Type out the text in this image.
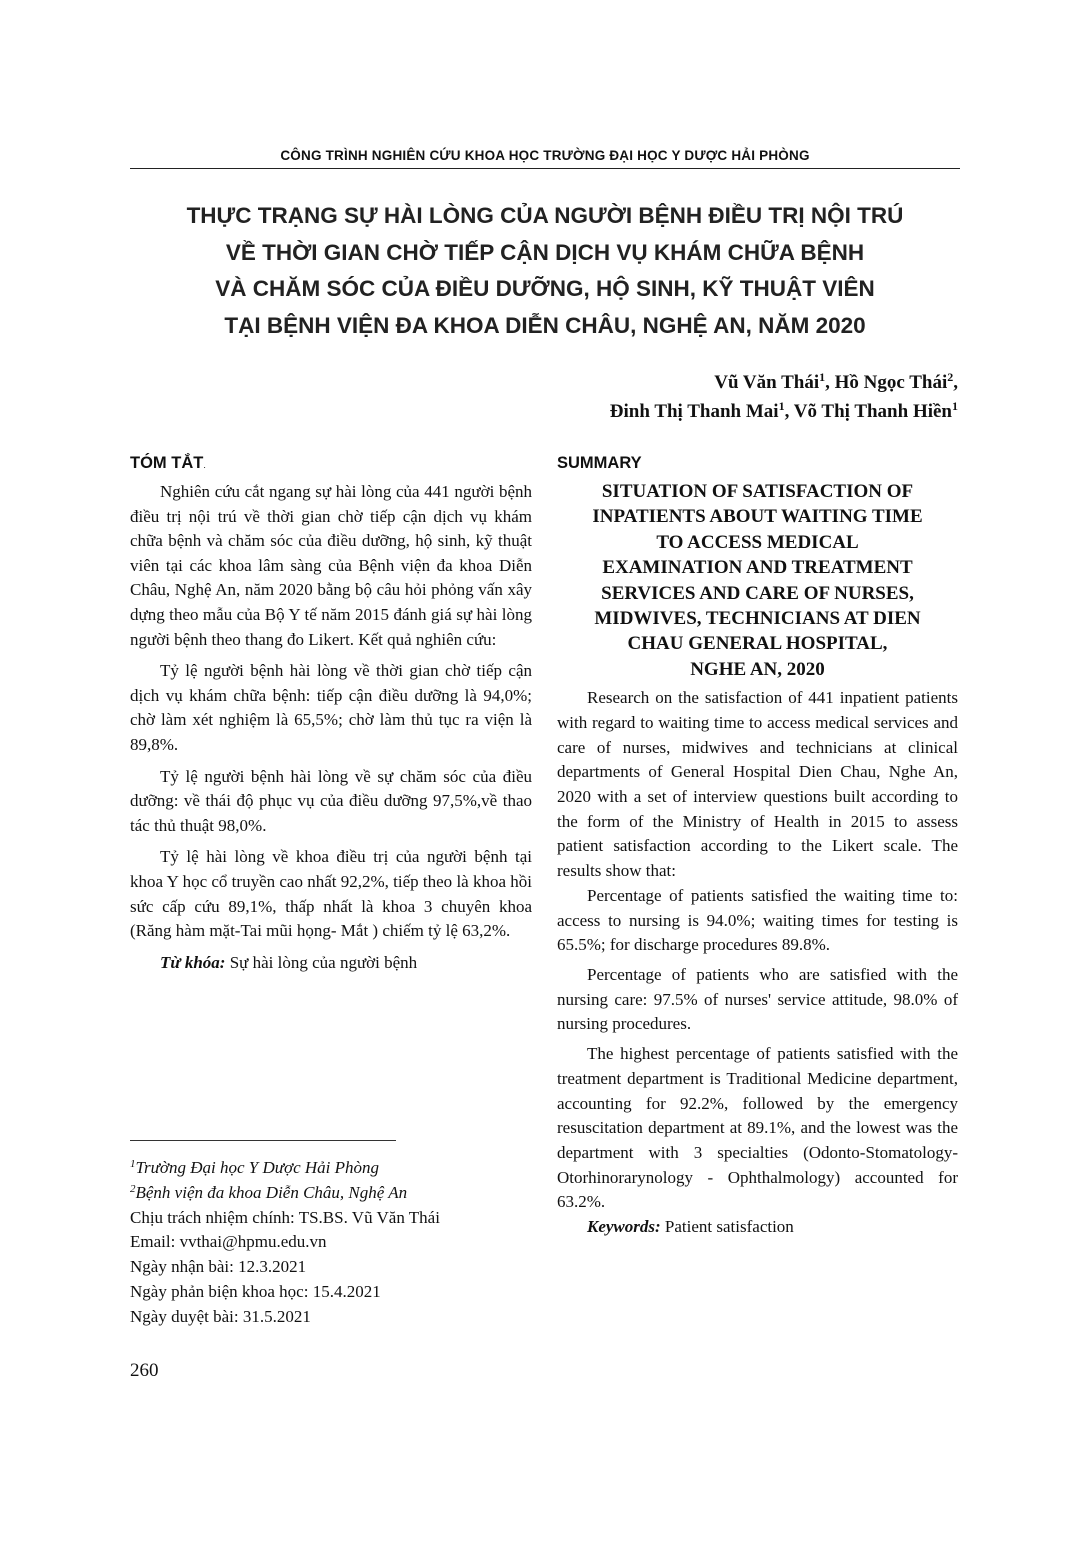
CÔNG TRÌNH NGHIÊN CỨU KHOA HỌC TRƯỜNG ĐẠI HỌC Y DƯỢC HẢI PHÒNG
THỰC TRẠNG SỰ HÀI LÒNG CỦA NGƯỜI BỆNH ĐIỀU TRỊ NỘI TRÚ
VỀ THỜI GIAN CHỜ TIẾP CẬN DỊCH VỤ KHÁM CHỮA BỆNH
VÀ CHĂM SÓC CỦA ĐIỀU DƯỠNG, HỘ SINH, KỸ THUẬT VIÊN
TẠI BỆNH VIỆN ĐA KHOA DIỄN CHÂU, NGHỆ AN, NĂM 2020
Vũ Văn Thái$^1$, Hồ Ngọc Thái$^2$,
Đinh Thị Thanh Mai$^1$, Võ Thị Thanh Hiền$^1$
TÓM TẮT.

Nghiên cứu cắt ngang sự hài lòng của 441 người bệnh điều trị nội trú về thời gian chờ tiếp cận dịch vụ khám chữa bệnh và chăm sóc của điều dưỡng, hộ sinh, kỹ thuật viên tại các khoa lâm sàng của Bệnh viện đa khoa Diễn Châu, Nghệ An, năm 2020 bằng bộ câu hỏi phỏng vấn xây dựng theo mẫu của Bộ Y tế năm 2015 đánh giá sự hài lòng người bệnh theo thang đo Likert. Kết quả nghiên cứu:

Tỷ lệ người bệnh hài lòng về thời gian chờ tiếp cận dịch vụ khám chữa bệnh: tiếp cận điều dưỡng là 94,0%; chờ làm xét nghiệm là 65,5%; chờ làm thủ tục ra viện là 89,8%.

Tỷ lệ người bệnh hài lòng về sự chăm sóc của điều dưỡng: về thái độ phục vụ của điều dưỡng 97,5%,về thao tác thủ thuật 98,0%.

Tỷ lệ hài lòng về khoa điều trị của người bệnh tại khoa Y học cổ truyền cao nhất 92,2%, tiếp theo là khoa hồi sức cấp cứu 89,1%, thấp nhất là khoa 3 chuyên khoa (Răng hàm mặt-Tai mũi họng- Mắt ) chiếm tỷ lệ 63,2%.

Từ khóa: Sự hài lòng của người bệnh

SUMMARY
SITUATION OF SATISFACTION OF
INPATIENTS ABOUT WAITING TIME
TO ACCESS MEDICAL
EXAMINATION AND TREATMENT
SERVICES AND CARE OF NURSES,
MIDWIVES, TECHNICIANS AT DIEN
CHAU GENERAL HOSPITAL,
NGHE AN, 2020

Research on the satisfaction of 441 inpatient patients with regard to waiting time to access medical services and care of nurses, midwives and technicians at clinical departments of General Hospital Dien Chau, Nghe An, 2020 with a set of interview questions built according to the form of the Ministry of Health in 2015 to assess patient satisfaction according to the Likert scale. The results show that:

Percentage of patients satisfied the waiting time to: access to nursing is 94.0%; waiting times for testing is 65.5%; for discharge procedures 89.8%.

Percentage of patients who are satisfied with the nursing care: 97.5% of nurses' service attitude, 98.0% of nursing procedures.

The highest percentage of patients satisfied with the treatment department is Traditional Medicine department, accounting for 92.2%, followed by the emergency resuscitation department at 89.1%, and the lowest was the department with 3 specialties (Odonto-Stomatology- Otorhinorarynology - Ophthalmology) accounted for 63.2%.

Keywords: Patient satisfaction

$^1$Trường Đại học Y Dược Hải Phòng
$^2$Bệnh viện đa khoa Diễn Châu, Nghệ An
Chịu trách nhiệm chính: TS.BS. Vũ Văn Thái
Email: vvthai@hpmu.edu.vn
Ngày nhận bài: 12.3.2021
Ngày phản biện khoa học: 15.4.2021
Ngày duyệt bài: 31.5.2021
260
